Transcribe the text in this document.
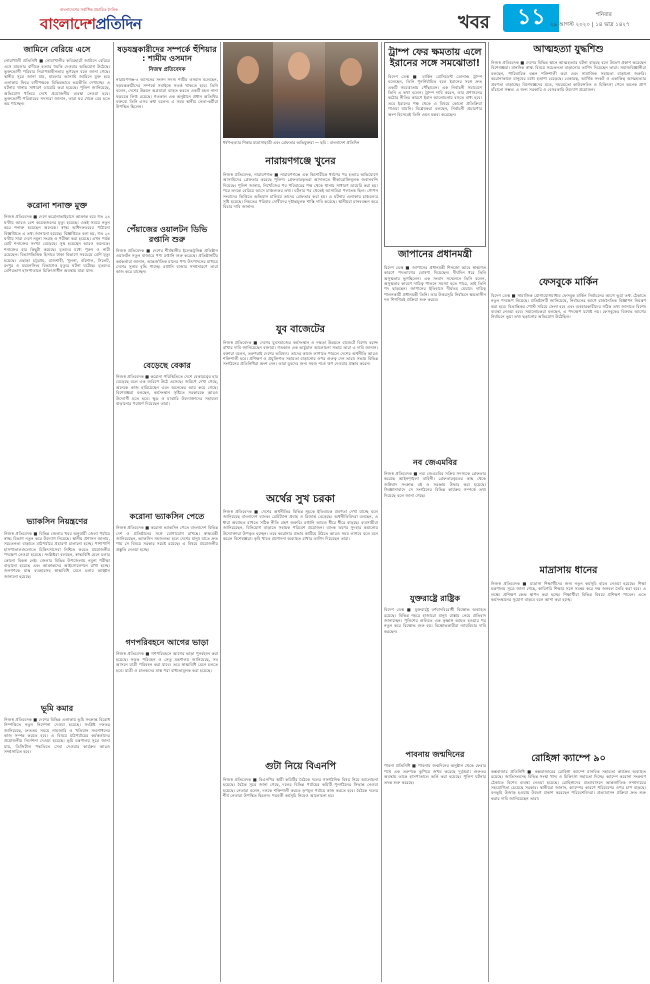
বাংলাদেশের সর্বাধিক প্রচারিত দৈনিক
বাংলাদেশপ্রতিদিন	খবর ১১	শনিবার
২৯ আগস্ট ২০২০ | ১৪ ভাদ্র ১৪২৭
জামিনে বেরিয়ে এসে
নোয়াখালী প্রতিনিধি ■ নোয়াখালীর কবিরহাটে জামিনে বেরিয়ে এসে মামলার বাদীকে হত্যার হুমকি দেওয়ার অভিযোগ উঠেছে। ভুক্তভোগী পরিবার নিরাপত্তাহীনতায় ভুগছেন বলে জানা গেছে। স্থানীয় সূত্রে জানা যায়, মামলার আসামি জামিনে মুক্ত হয়ে এলাকায় ফিরে বাদীপক্ষকে বিভিন্নভাবে ভয়ভীতি দেখাচ্ছে। এ ঘটনায় থানায় সাধারণ ডায়েরি করা হয়েছে। পুলিশ জানিয়েছে, অভিযোগ খতিয়ে দেখে প্রয়োজনীয় ব্যবস্থা নেওয়া হবে। ভুক্তভোগী পরিবারের সদস্যরা জানান, তারা ঘর থেকে বের হতে ভয় পাচ্ছেন।
করোনা শনাক্ত মুক্ত
নিজস্ব প্রতিবেদক ■ দেশে করোনাভাইরাসে আক্রান্ত হয়ে গত ২৪ ঘণ্টায় আরও বেশ কয়েকজনের মৃত্যু হয়েছে। একই সময়ে নতুন করে শনাক্ত হয়েছেন অনেকে। স্বাস্থ্য অধিদফতরের পাঠানো বিজ্ঞপ্তিতে এ তথ্য জানানো হয়েছে। বিজ্ঞপ্তিতে বলা হয়, গত ২৪ ঘণ্টায় সারা দেশে নমুনা সংগ্রহ ও পরীক্ষা করা হয়েছে। এখন পর্যন্ত মোট শনাক্তের সংখ্যা বেড়েছে। সুস্থ হয়েছেন আরও অনেকে। শনাক্তের হার কিছুটা কমেছে। মৃতদের মধ্যে পুরুষ ও নারী রয়েছেন। বিভাগভিত্তিক হিসাবে ঢাকা বিভাগে সবচেয়ে বেশি মৃত্যু হয়েছে। এছাড়া চট্টগ্রাম, রাজশাহী, খুলনা, বরিশাল, সিলেট, রংপুর ও ময়মনসিংহ বিভাগেও মৃত্যুর ঘটনা ঘটেছে। মৃতদের বেশিরভাগ হাসপাতালে চিকিৎসাধীন অবস্থায় মারা যান।
ভ্যাকসিন নিয়ন্ত্রণের
নিজস্ব প্রতিবেদক ■ বিভিন্ন জেলার খবর অনুযায়ী জেলা পর্যায়ে স্বাস্থ্য বিভাগ নতুন করে উদ্যোগ নিয়েছে। স্থানীয় প্রশাসন জানায়, সচেতনতা বাড়াতে মাঠপর্যায়ে প্রচারণা চালানো হচ্ছে। পাশাপাশি হাসপাতালগুলোতে চিকিৎসাসেবা নিশ্চিত করতে প্রয়োজনীয় পদক্ষেপ নেওয়া হয়েছে। সংশ্লিষ্টরা বলছেন, স্বাস্থ্যবিধি মেনে চলার কোনো বিকল্প নেই। জেলার বিভিন্ন উপজেলায় নমুনা পরীক্ষা বাড়ানো হয়েছে এবং আক্রান্তদের আইসোলেশনে রাখা হচ্ছে। জনগণকে মাস্ক ব্যবহারসহ স্বাস্থ্যবিধি মেনে চলার আহ্বান জানানো হয়েছে।
ভূমি কমার
নিজস্ব প্রতিবেদক ■ দেশের বিভিন্ন এলাকায় ভূমি সংক্রান্ত বিরোধ নিষ্পত্তিতে নতুন নির্দেশনা দেওয়া হয়েছে। সংশ্লিষ্ট দফতর জানিয়েছে, দ্রুততম সময়ে নামজারি ও খতিয়ান সংশোধনের কাজ সম্পন্ন করতে হবে। এ বিষয়ে মাঠপর্যায়ের কর্মকর্তাদের প্রয়োজনীয় নির্দেশনা দেওয়া হয়েছে। ভূমি মন্ত্রণালয় সূত্রে জানা যায়, ডিজিটাল পদ্ধতিতে সেবা দেওয়ার কার্যক্রম আরও সম্প্রসারিত হবে।
ষড়যন্ত্রকারীদের সম্পর্কে হুঁশিয়ার : শামীম ওসমান
নিজস্ব প্রতিবেদক
নারায়ণগঞ্জ-৪ আসনের সংসদ সদস্য শামীম ওসমান বলেছেন, ষড়যন্ত্রকারীদের সম্পর্কে সবাইকে সতর্ক থাকতে হবে। তিনি বলেন, দেশের উন্নয়ন অগ্রযাত্রা ব্যাহত করতে একটি মহল নানা ষড়যন্ত্রে লিপ্ত রয়েছে। গতকাল এক অনুষ্ঠানে প্রধান অতিথির বক্তব্যে তিনি এসব কথা বলেন। এ সময় স্থানীয় নেতা-কর্মীরা উপস্থিত ছিলেন।
পেঁয়াজের ওয়ালটন ডিভি রপ্তানি শুরু
নিজস্ব প্রতিবেদক ■ দেশের শীর্ষস্থানীয় ইলেকট্রনিক্স প্রতিষ্ঠান ওয়ালটন নতুন বাজারে পণ্য রপ্তানি শুরু করেছে। প্রতিষ্ঠানটির কর্মকর্তারা জানান, আন্তর্জাতিক মানের পণ্য উৎপাদনের মাধ্যমে দেশের সুনাম বৃদ্ধি পাচ্ছে। রপ্তানি বাজার সম্প্রসারণে তারা কাজ করে যাচ্ছেন।
বেড়েছে বেকার
নিজস্ব প্রতিবেদক ■ করোনা পরিস্থিতিতে দেশে বেকারত্বের হার বেড়েছে বলে এক জরিপে উঠে এসেছে। জরিপে দেখা গেছে, অনেকে কাজ হারিয়েছেন এবং অনেকের আয় কমে গেছে। বিশেষজ্ঞরা বলছেন, কর্মসংস্থান সৃষ্টিতে সরকারকে আরও উদ্যোগী হতে হবে। ক্ষুদ্র ও মাঝারি উদ্যোক্তাদের সহায়তা বাড়ানোর পরামর্শ দিয়েছেন তারা।
করোনা ভ্যাকসিন পেতে
নিজস্ব প্রতিবেদক ■ করোনা ভ্যাকসিন পেতে বাংলাদেশ বিভিন্ন দেশ ও প্রতিষ্ঠানের সঙ্গে যোগাযোগ রাখছে। স্বাস্থ্যমন্ত্রী জানিয়েছেন, ভ্যাকসিন সহজলভ্য হলে দেশের মানুষ যাতে দ্রুত পায় সে বিষয়ে সরকার সচেষ্ট রয়েছে। এ বিষয়ে প্রয়োজনীয় প্রস্তুতি নেওয়া হচ্ছে।
গণপরিবহনে আগের ভাড়া
নিজস্ব প্রতিবেদক ■ গণপরিবহনে আগের ভাড়া পুনর্বহাল করা হয়েছে। সড়ক পরিবহন ও সেতু মন্ত্রণালয় জানিয়েছে, সব আসনে যাত্রী পরিবহন করা যাবে। তবে স্বাস্থ্যবিধি মেনে চলতে হবে। যাত্রী ও চালকদের মাস্ক পরা বাধ্যতামূলক করা হয়েছে।
ধর্ষণ-হত্যার শিকার মাদ্রাসাছাত্রী এবং গ্রেফতার অভিযুক্তরা — ছবি : বাংলাদেশ প্রতিদিন
নারায়ণগঞ্জে খুনের
নিজস্ব প্রতিবেদক, নারায়ণগঞ্জ ■ নারায়ণগঞ্জে এক কিশোরীকে ধর্ষণের পর হত্যার অভিযোগে আসামিদের গ্রেফতার করেছে পুলিশ। গ্রেফতারকৃতরা আদালতে স্বীকারোক্তিমূলক জবানবন্দি দিয়েছে। পুলিশ জানায়, নিখোঁজের পর পরিবারের পক্ষ থেকে থানায় সাধারণ ডায়েরি করা হয়। পরে তদন্তে বেরিয়ে আসে চাঞ্চল্যকর তথ্য। ঘটনার পর থেকেই আসামিরা পলাতক ছিল। গোপন সংবাদের ভিত্তিতে অভিযান চালিয়ে তাদের গ্রেফতার করা হয়। এ ঘটনায় এলাকায় চাঞ্চল্যের সৃষ্টি হয়েছে। নিহতের পরিবার দোষীদের দৃষ্টান্তমূলক শাস্তি দাবি করেছে। স্থানীয়রা মানববন্ধন করে বিচার দাবি জানান।
যুব বাজেটের
নিজস্ব প্রতিবেদক ■ দেশের যুবসমাজের কর্মসংস্থান ও দক্ষতা উন্নয়নে বাজেটে বিশেষ বরাদ্দ রাখার দাবি জানিয়েছেন বক্তারা। গতকাল এক ভার্চুয়াল আলোচনা সভায় তারা এ দাবি জানান। বক্তারা বলেন, তরুণরাই দেশের ভবিষ্যৎ। তাদের কাজে লাগাতে পারলে দেশের অর্থনীতি আরও শক্তিশালী হবে। প্রশিক্ষণ ও প্রযুক্তিগত সহায়তা বাড়ানোর ওপর গুরুত্ব দেন তারা। সভায় বিভিন্ন সংগঠনের প্রতিনিধিরা অংশ নেন। তারা যুবদের জন্য সহজ শর্তে ঋণ দেওয়ার প্রস্তাব করেন।
অর্থের সুখ চরকা
নিজস্ব প্রতিবেদক ■ দেশের অর্থনীতির বিভিন্ন সূচকে ইতিবাচক প্রবণতা দেখা যাচ্ছে বলে জানিয়েছে বাংলাদেশ ব্যাংক। রেমিট্যান্স প্রবাহ ও রিজার্ভ বেড়েছে। অর্থনীতিবিদরা বলছেন, এ ধারা অব্যাহত রাখতে সঠিক নীতি গ্রহণ জরুরি। রপ্তানি আয়ও ধীরে ধীরে বাড়ছে। ব্যবসায়ীরা জানিয়েছেন, বিনিয়োগ বাড়াতে সহায়ক পরিবেশ প্রয়োজন। ব্যাংক ঋণের সুদহার কমানোয় উদ্যোক্তারা উপকৃত হচ্ছেন। তবে করোনার প্রভাব কাটিয়ে উঠতে আরও সময় লাগবে বলে মনে করেন বিশেষজ্ঞরা। কৃষি খাতে প্রণোদনা অব্যাহত রাখার তাগিদ দিয়েছেন তারা।
গুটা নিয়ে বিএনপি
নিজস্ব প্রতিবেদক ■ বিএনপির স্থায়ী কমিটির বৈঠকে দলের সাংগঠনিক বিষয় নিয়ে আলোচনা হয়েছে। বৈঠক সূত্রে জানা গেছে, দলের বিভিন্ন পর্যায়ের কমিটি পুনর্গঠনের সিদ্ধান্ত নেওয়া হয়েছে। নেতারা বলেন, দলকে শক্তিশালী করতে তৃণমূল পর্যায়ে কাজ করতে হবে। বৈঠকে দলের শীর্ষ নেতারা উপস্থিত ছিলেন। পরবর্তী কর্মসূচি নিয়েও আলোচনা হয়।
ট্রাম্প ফের ক্ষমতায় এলে ইরানের সঙ্গে সমঝোতা!
বিদেশ ডেস্ক ■ মার্কিন প্রেসিডেন্ট ডোনাল্ড ট্রাম্প বলেছেন, তিনি পুনর্নির্বাচিত হলে ইরানের সঙ্গে দ্রুত একটি সমঝোতায় পৌঁছাবেন। এক নির্বাচনী সমাবেশে তিনি এ কথা বলেন। ট্রাম্প দাবি করেন, তার প্রশাসনের কঠোর নীতির কারণে ইরান আলোচনায় বসতে বাধ্য হবে। তবে ইরানের পক্ষ থেকে এ বিষয়ে কোনো প্রতিক্রিয়া পাওয়া যায়নি। বিশ্লেষকরা বলছেন, নির্বাচনী প্রচারণার অংশ হিসেবেই তিনি এমন মন্তব্য করেছেন।
জাপানের প্রধানমন্ত্রী
বিদেশ ডেস্ক ■ জাপানের প্রধানমন্ত্রী শিনজো আবে স্বাস্থ্যগত কারণে পদত্যাগের ঘোষণা দিয়েছেন। দীর্ঘদিন ধরে তিনি অসুস্থতায় ভুগছিলেন। এক সংবাদ সম্মেলনে তিনি বলেন, অসুস্থতার কারণে দায়িত্ব পালনে সমস্যা হতে পারে, তাই তিনি পদ ছাড়ছেন। জাপানের ইতিহাসে দীর্ঘতম মেয়াদে দায়িত্ব পালনকারী প্রধানমন্ত্রী তিনি। তার উত্তরসূরি নির্বাচনে ক্ষমতাসীন দল শিগগিরই প্রক্রিয়া শুরু করবে।
নব জেএমবির
নিজস্ব প্রতিবেদক ■ নব্য জেএমবির সক্রিয় সদস্যকে গ্রেফতার করেছে আইনশৃঙ্খলা বাহিনী। গ্রেফতারকৃতের কাছ থেকে জঙ্গিবাদ সংক্রান্ত বই ও সরঞ্জাম উদ্ধার করা হয়েছে। জিজ্ঞাসাবাদে সে সংগঠনের বিভিন্ন কার্যক্রম সম্পর্কে তথ্য দিয়েছে বলে জানা গেছে।
যুক্তরাষ্ট্রে রাষ্ট্রিক
বিদেশ ডেস্ক ■ যুক্তরাষ্ট্রে বর্ণবাদবিরোধী বিক্ষোভ অব্যাহত রয়েছে। বিভিন্ন শহরে হাজারো মানুষ রাস্তায় নেমে প্রতিবাদ জানাচ্ছেন। পুলিশের গুলিতে এক কৃষ্ণাঙ্গ আহত হওয়ার পর নতুন করে বিক্ষোভ শুরু হয়। বিক্ষোভকারীরা ন্যায়বিচার দাবি করছেন।
পাবনায় জন্মদিনের
পাবনা প্রতিনিধি ■ পাবনায় জন্মদিনের অনুষ্ঠান থেকে ফেরার পথে এক তরুণকে কুপিয়ে জখম করেছে দুর্বৃত্তরা। গুরুতর অবস্থায় তাকে হাসপাতালে ভর্তি করা হয়েছে। পুলিশ ঘটনার তদন্ত শুরু করেছে।
আত্মহত্যা যুদ্ধশিশু
নিজস্ব প্রতিবেদক ■ দেশের বিভিন্ন স্থানে আত্মহত্যার ঘটনা বাড়ছে বলে উদ্বেগ প্রকাশ করেছেন বিশেষজ্ঞরা। মানসিক স্বাস্থ্য বিষয়ে সচেতনতা বাড়ানোর তাগিদ দিয়েছেন তারা। সমাজবিজ্ঞানীরা বলছেন, পারিবারিক বন্ধন শক্তিশালী করা এবং সামাজিক সহায়তা বাড়ানো জরুরি। করোনাকালে মানুষের মধ্যে হতাশা বেড়েছে। বেকারত্ব, আর্থিক সংকট ও একাকিত্ব আত্মহত্যার প্রবণতা বাড়াচ্ছে। বিশেষজ্ঞদের মতে, সময়মতো কাউন্সেলিং ও চিকিৎসা পেলে অনেক প্রাণ বাঁচানো সম্ভব। এ জন্য সরকারি ও বেসরকারি উদ্যোগ প্রয়োজন।
ফেসবুকে মার্কিন
বিদেশ ডেস্ক ■ সামাজিক যোগাযোগমাধ্যম ফেসবুক মার্কিন নির্বাচনের আগে ভুয়া তথ্য ঠেকাতে নতুন পদক্ষেপ নিয়েছে। প্রতিষ্ঠানটি জানিয়েছে, নির্বাচনের আগে রাজনৈতিক বিজ্ঞাপন নিয়ন্ত্রণ করা হবে। বিভ্রান্তিকর পোস্ট সরিয়ে ফেলা হবে এবং ব্যবহারকারীদের সঠিক তথ্য জানাতে বিশেষ ব্যবস্থা নেওয়া হবে। সমালোচকরা বলছেন, এ পদক্ষেপ যথেষ্ট নয়। ফেসবুকের বিরুদ্ধে আগের নির্বাচনে ভুয়া তথ্য ছড়ানোর অভিযোগ উঠেছিল।
মাদ্রাসায় ধানের
নিজস্ব প্রতিবেদক ■ মাদ্রাসা শিক্ষার্থীদের জন্য নতুন কর্মসূচি হাতে নেওয়া হয়েছে। শিক্ষা মন্ত্রণালয় সূত্রে জানা গেছে, কারিগরি শিক্ষার সঙ্গে সমন্বয় করে দক্ষ জনবল তৈরি করা হবে। এ লক্ষ্যে প্রশিক্ষণ কেন্দ্র স্থাপন করা হচ্ছে। শিক্ষার্থীরা বিভিন্ন বিষয়ে প্রশিক্ষণ পাবেন। এতে কর্মসংস্থানের সুযোগ বাড়বে বলে আশা করা হচ্ছে।
রোহিঙ্গা ক্যাম্পে ৯০
কক্সবাজার প্রতিনিধি ■ কক্সবাজারের রোহিঙ্গা ক্যাম্পে মানবিক সহায়তা কার্যক্রম অব্যাহত রয়েছে। জাতিসংঘসহ বিভিন্ন সংস্থা খাদ্য ও চিকিৎসা সহায়তা দিচ্ছে। ক্যাম্পে করোনা সংক্রমণ ঠেকাতে বিশেষ ব্যবস্থা নেওয়া হয়েছে। রোহিঙ্গাদের প্রত্যাবাসনে আন্তর্জাতিক সম্প্রদায়ের সহযোগিতা চেয়েছে সরকার। স্থানীয়রা জানান, ক্যাম্পের কারণে পরিবেশের ওপর চাপ বাড়ছে। বনভূমি উজাড় হওয়ায় উদ্বেগ প্রকাশ করেছেন পরিবেশবিদরা। প্রত্যাবাসন প্রক্রিয়া দ্রুত শুরু করার দাবি জানিয়েছেন তারা।
